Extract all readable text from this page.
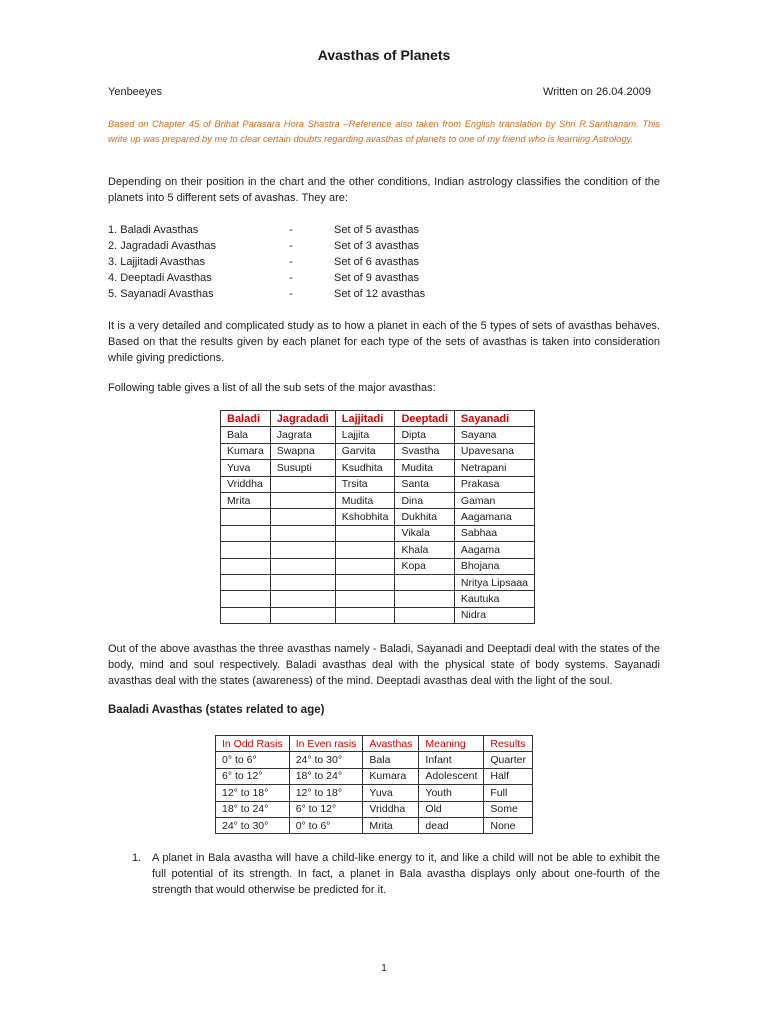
Avasthas of Planets
Yenbeeyes	Written on 26.04.2009
Based on Chapter 45 of Brihat Parasara Hora Shastra –Reference also taken from English translation by Shri R.Santhanam. This write up was prepared by me to clear certain doubts regarding avasthas of planets to one of my friend who is learning Astrology.
Depending on their position in the chart and the other conditions, Indian astrology classifies the condition of the planets into 5 different sets of avashas. They are:
1. Baladi Avasthas	-	Set of 5 avasthas
2. Jagradadi Avasthas	-	Set of 3 avasthas
3. Lajjitadi Avasthas	-	Set of 6 avasthas
4. Deeptadi Avasthas	-	Set of 9 avasthas
5. Sayanadi Avasthas	-	Set of 12 avasthas
It is a very detailed and complicated study as to how a planet in each of the 5 types of sets of avasthas behaves. Based on that the results given by each planet for each type of the sets of avasthas is taken into consideration while giving predictions.
Following table gives a list of all the sub sets of the major avasthas:
Baladi	Jagradadi	Lajjitadi	Deeptadi	Sayanadi
Bala	Jagrata	Lajjita	Dipta	Sayana
Kumara	Swapna	Garvita	Svastha	Upavesana
Yuva	Susupti	Ksudhita	Mudita	Netrapani
Vriddha		Trsita	Santa	Prakasa
Mrita		Mudita	Dina	Gaman
		Kshobhita	Dukhita	Aagamana
			Vikala	Sabhaa
			Khala	Aagama
			Kopa	Bhojana
				Nritya Lipsaaa
				Kautuka
				Nidra
Out of the above avasthas the three avasthas namely - Baladi, Sayanadi and Deeptadi deal with the states of the body, mind and soul respectively. Baladi avasthas deal with the physical state of body systems. Sayanadi avasthas deal with the states (awareness) of the mind. Deeptadi avasthas deal with the light of the soul.
Baaladi Avasthas (states related to age)
In Odd Rasis	In Even rasis	Avasthas	Meaning	Results
0° to 6°	24° to 30°	Bala	Infant	Quarter
6° to 12°	18° to 24°	Kumara	Adolescent	Half
12° to 18°	12° to 18°	Yuva	Youth	Full
18° to 24°	6° to 12°	Vriddha	Old	Some
24° to 30°	0° to 6°	Mrita	dead	None
1. A planet in Bala avastha will have a child-like energy to it, and like a child will not be able to exhibit the full potential of its strength. In fact, a planet in Bala avastha displays only about one-fourth of the strength that would otherwise be predicted for it.
1
